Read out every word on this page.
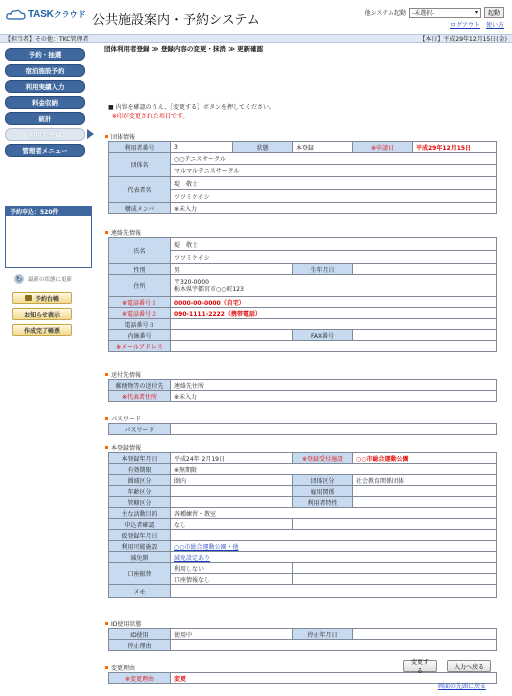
TASK クラウド 公共施設案内・予約システム	他システム起動 -未選択-	▾	起動
ログアウト 使い方
【担当者】その他：TKC管理者	【本日】平成29年12月15日(金)
予約・抽選
宿泊施設予約
利用実績入力
料金収納
統計
利用者登録
管理者メニュー
予約申込：520件
↻	最新の状態に更新
予約台帳
お知らせ表示
作成完了帳票
団体利用者登録 ≫ 登録内容の変更・抹消 ≫ 更新確認
■ 内容を確認のうえ、［変更する］ボタンを押してください。
※印が変更された項目です。
団体情報
利用者番号	3	状態	本登録	※申請日	平成29年12月15日
団体名	○○テニスサークル				
	マルマルテニスサークル				
代表者名	堤　敬士				
	ツツミケイシ				
構成メンバ	※未入力				
連絡先情報
氏名	堤　敬士		
	ツツミケイシ		
性別	男	生年月日	
住所	〒320-0000
栃木県宇都宮市○○町123		

※電話番号１	0000-00-0000（自宅）		
※電話番号２	090-1111-2222（携帯電話）		
電話番号３			
内線番号		FAX番号	
※メールアドレス			
送付先情報
郵便物等の送付先	連絡先住所
※代表者住所	※未入力
パスワード
パスワード	
本登録情報
本登録年月日	平成24年 2月19日	※登録受付施設	○○市総合運動公園
有効期限	※無期限		
圏域区分	圏内	団体区分	社会教育関係団体
年齢区分		雇用関係	
管轄区分		利用者特性	
主な活動目的	各種練習・教室		
申込者確認	なし		
仮登録年月日			
利用可能施設	○○市総合運動公園・他		
減免額	減免設定あり		
口座振替	利用しない		
	口座情報なし		
メモ			
ID使用状態
ID使用	使用中	停止年月日	
停止理由			
変更理由
※変更理由	変更
変更する
入力へ戻る
画面の先頭に戻る
